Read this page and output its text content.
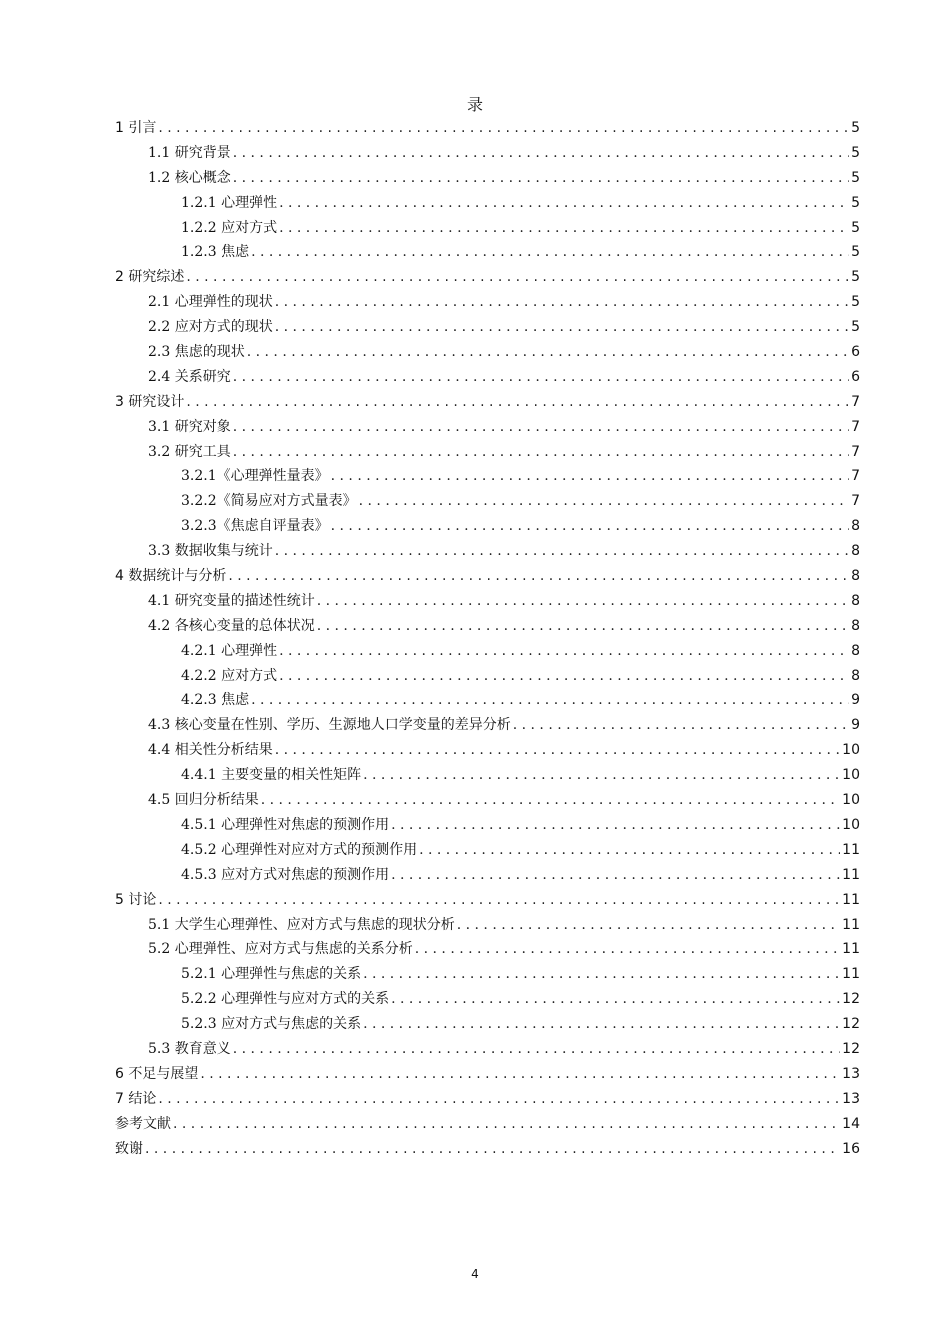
录
1 引言 . . .	5
1.1 研究背景 . . .	5
1.2 核心概念 . . .	5
1.2.1 心理弹性 . . .	5
1.2.2 应对方式 . . .	5
1.2.3 焦虑 . . .	5
2 研究综述 . . .	5
2.1 心理弹性的现状 . . .	5
2.2 应对方式的现状 . . .	5
2.3 焦虑的现状 . . .	6
2.4 关系研究 . . .	6
3 研究设计 . . .	7
3.1 研究对象 . . .	7
3.2 研究工具 . . .	7
3.2.1《心理弹性量表》 . . .	7
3.2.2《简易应对方式量表》 . . .	7
3.2.3《焦虑自评量表》 . . .	8
3.3 数据收集与统计 . . .	8
4 数据统计与分析 . . .	8
4.1 研究变量的描述性统计 . . .	8
4.2 各核心变量的总体状况 . . .	8
4.2.1 心理弹性 . . .	8
4.2.2 应对方式 . . .	8
4.2.3 焦虑 . . .	9
4.3 核心变量在性别、学历、生源地人口学变量的差异分析 . . .	9
4.4 相关性分析结果 . . .	10
4.4.1 主要变量的相关性矩阵 . . .	10
4.5 回归分析结果 . . .	10
4.5.1 心理弹性对焦虑的预测作用 . . .	10
4.5.2 心理弹性对应对方式的预测作用 . . .	11
4.5.3 应对方式对焦虑的预测作用 . . .	11
5 讨论 . . .	11
5.1 大学生心理弹性、应对方式与焦虑的现状分析 . . .	11
5.2 心理弹性、应对方式与焦虑的关系分析 . . .	11
5.2.1 心理弹性与焦虑的关系 . . .	11
5.2.2 心理弹性与应对方式的关系 . . .	12
5.2.3 应对方式与焦虑的关系 . . .	12
5.3 教育意义 . . .	12
6 不足与展望 . . .	13
7 结论 . . .	13
参考文献 . . .	14
致谢 . . .	16
4
